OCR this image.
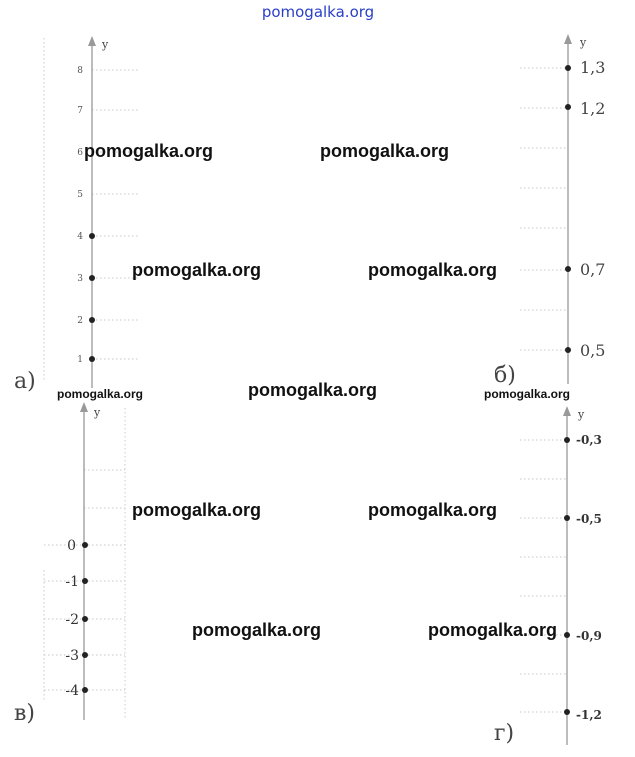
pomogalka.org
y
8
7
6
5
4
3
2
1
а)
y
1,3
1,2
0,7
0,5
б)
y
0
-1
-2
-3
-4
в)
y
-0,3
-0,5
-0,9
-1,2
г)
pomogalka.org	pomogalka.org
pomogalka.org	pomogalka.org
pomogalka.org
pomogalka.org	pomogalka.org
pomogalka.org	pomogalka.org
pomogalka.org	pomogalka.org
